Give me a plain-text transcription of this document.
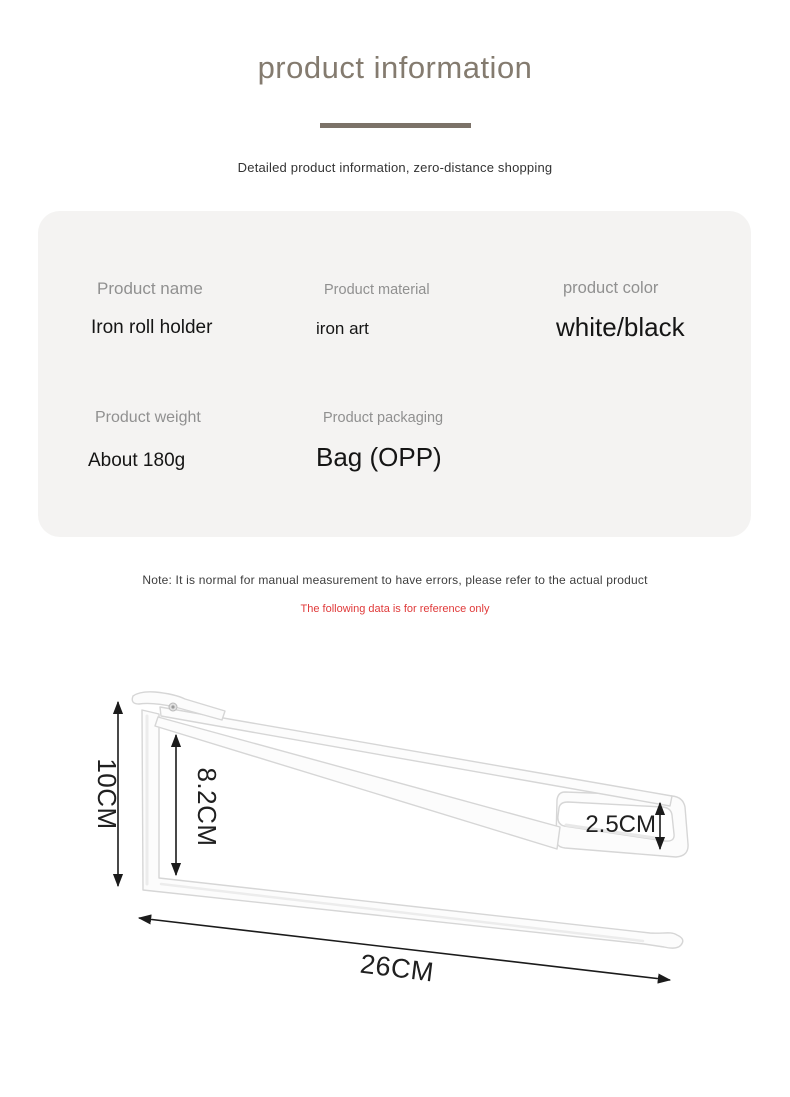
product information
Detailed product information, zero-distance shopping
Product name
Iron roll holder
Product material
iron art
product color
white/black
Product weight
About 180g
Product packaging
Bag (OPP)
Note: It is normal for manual measurement to have errors, please refer to the actual product
The following data is for reference only
10CM	8.2CM	2.5CM
26CM
